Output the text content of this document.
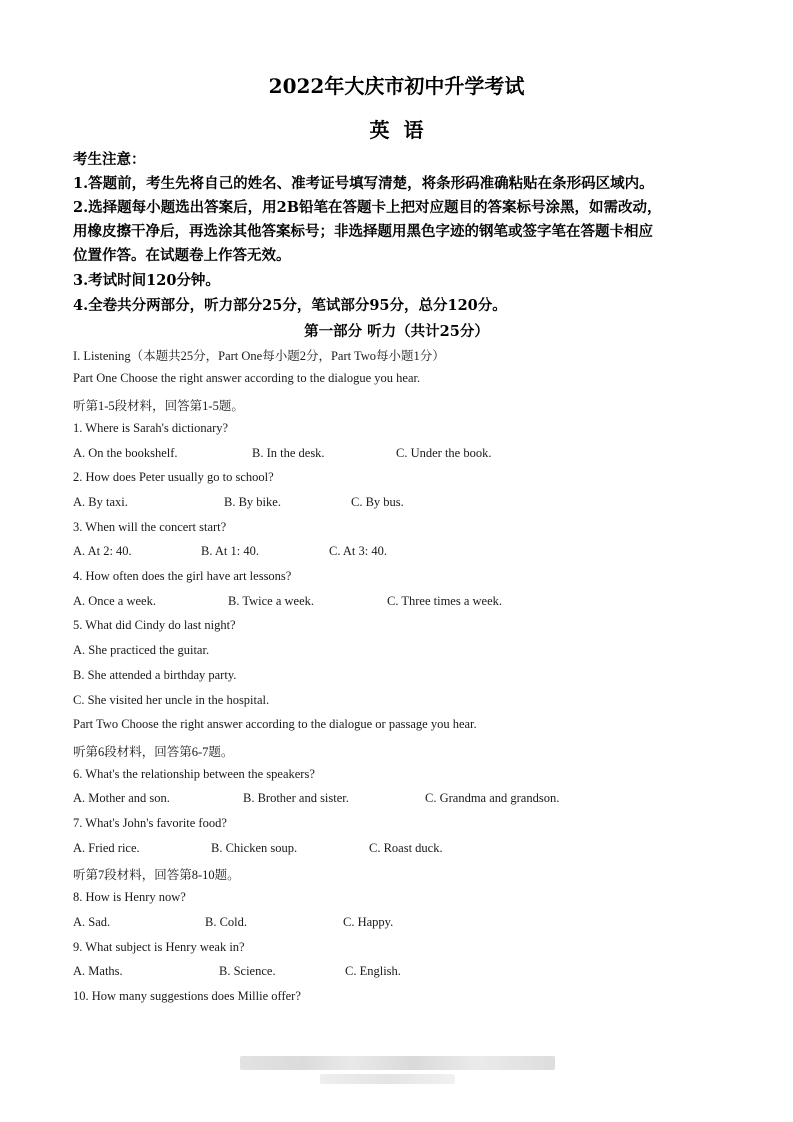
2022年大庆市初中升学考试
英语
考生注意：
1.答题前，考生先将自己的姓名、准考证号填写清楚，将条形码准确粘贴在条形码区域内。
2.选择题每小题选出答案后，用2B铅笔在答题卡上把对应题目的答案标号涂黑，如需改动，
用橡皮擦干净后，再选涂其他答案标号；非选择题用黑色字迹的钢笔或签字笔在答题卡相应
位置作答。在试题卷上作答无效。
3.考试时间120分钟。
4.全卷共分两部分，听力部分25分，笔试部分95分，总分120分。
第一部分 听力（共计25分）
I. Listening（本题共25分，Part One每小题2分，Part Two每小题1分）
Part One Choose the right answer according to the dialogue you hear.
听第1-5段材料，回答第1-5题。
1. Where is Sarah's dictionary?
A. On the bookshelf.	B. In the desk.	C. Under the book.
2. How does Peter usually go to school?
A. By taxi.	B. By bike.	C. By bus.
3. When will the concert start?
A. At 2: 40.	B. At 1: 40.	C. At 3: 40.
4. How often does the girl have art lessons?
A. Once a week.	B. Twice a week.	C. Three times a week.
5. What did Cindy do last night?
A. She practiced the guitar.
B. She attended a birthday party.
C. She visited her uncle in the hospital.
Part Two Choose the right answer according to the dialogue or passage you hear.
听第6段材料，回答第6-7题。
6. What's the relationship between the speakers?
A. Mother and son.	B. Brother and sister.	C. Grandma and grandson.
7. What's John's favorite food?
A. Fried rice.	B. Chicken soup.	C. Roast duck.
听第7段材料，回答第8-10题。
8. How is Henry now?
A. Sad.	B. Cold.	C. Happy.
9. What subject is Henry weak in?
A. Maths.	B. Science.	C. English.
10. How many suggestions does Millie offer?
